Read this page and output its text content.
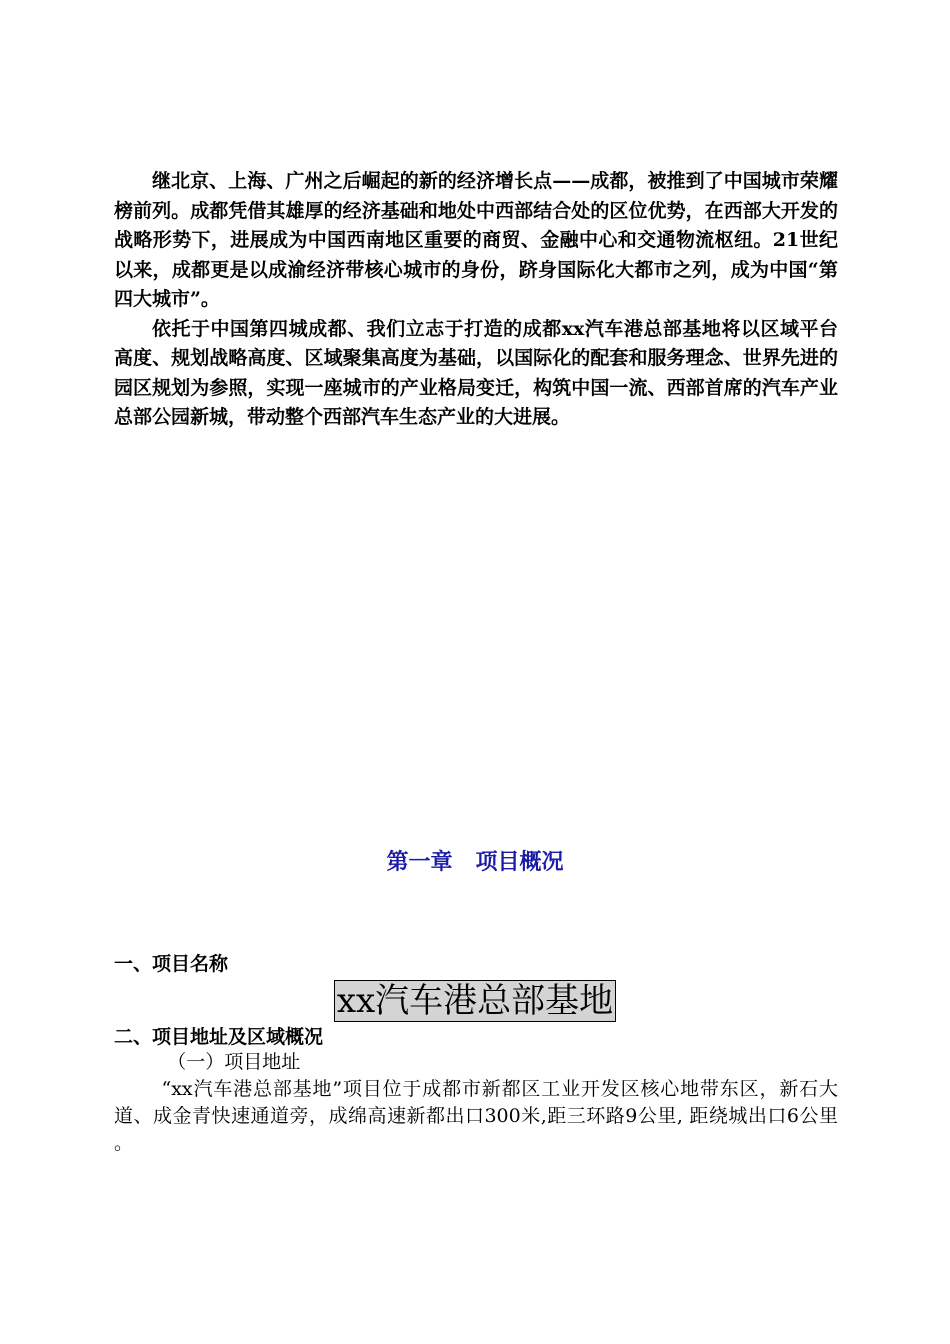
继北京、上海、广州之后崛起的新的经济增长点——成都，被推到了中国城市荣耀榜前列。成都凭借其雄厚的经济基础和地处中西部结合处的区位优势，在西部大开发的战略形势下，进展成为中国西南地区重要的商贸、金融中心和交通物流枢纽。21世纪以来，成都更是以成渝经济带核心城市的身份，跻身国际化大都市之列，成为中国“第四大城市”。

依托于中国第四城成都、我们立志于打造的成都xx汽车港总部基地将以区域平台高度、规划战略高度、区域聚集高度为基础，以国际化的配套和服务理念、世界先进的园区规划为参照，实现一座城市的产业格局变迁，构筑中国一流、西部首席的汽车产业总部公园新城，带动整个西部汽车生态产业的大进展。

第一章   项目概况
一、项目名称
xx汽车港总部基地
二、项目地址及区域概况

（一）项目地址

“xx汽车港总部基地”项目位于成都市新都区工业开发区核心地带东区，新石大道、成金青快速通道旁，成绵高速新都出口300米,距三环路9公里, 距绕城出口6公里 。
